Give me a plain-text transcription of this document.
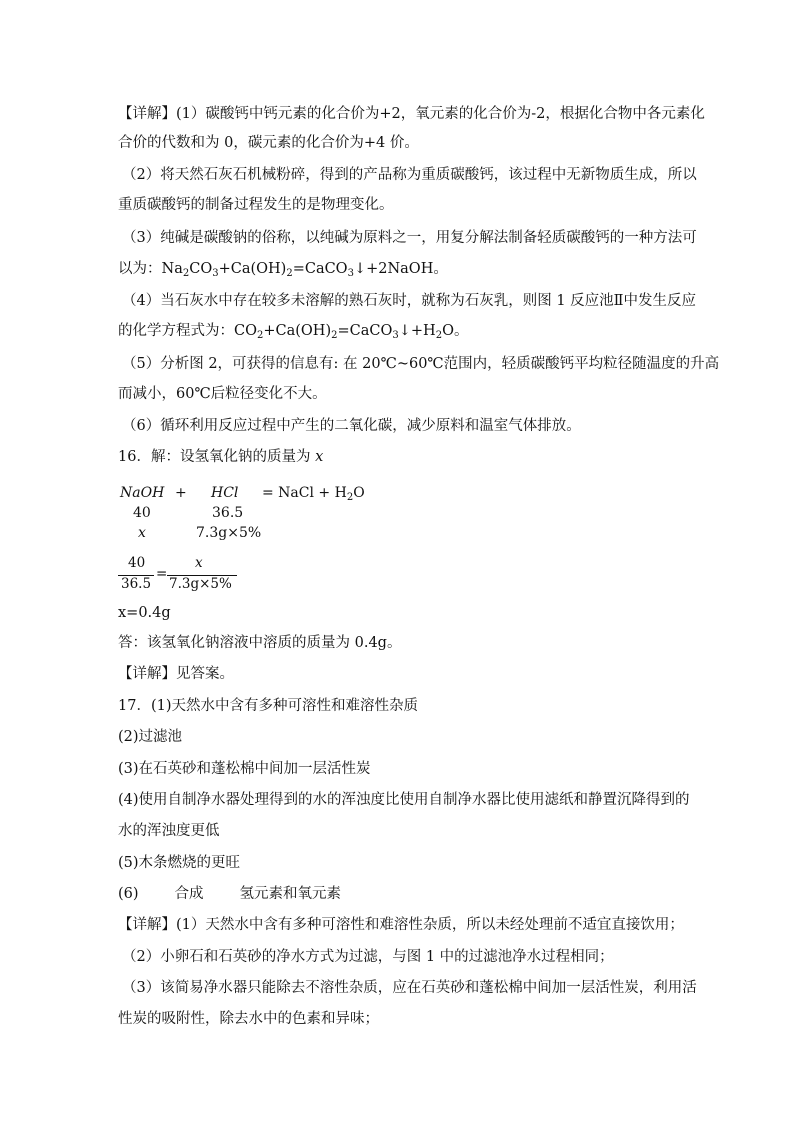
【详解】(1）碳酸钙中钙元素的化合价为+2，氧元素的化合价为-2，根据化合物中各元素化
合价的代数和为 0，碳元素的化合价为+4 价。
（2）将天然石灰石机械粉碎，得到的产品称为重质碳酸钙，该过程中无新物质生成，所以
重质碳酸钙的制备过程发生的是物理变化。
（3）纯碱是碳酸钠的俗称，以纯碱为原料之一，用复分解法制备轻质碳酸钙的一种方法可
以为：$Na_2CO_3+Ca(OH)_2=CaCO_3↓+2NaOH$。
（4）当石灰水中存在较多未溶解的熟石灰时，就称为石灰乳，则图 1 反应池Ⅱ中发生反应
的化学方程式为：$CO_2+Ca(OH)_2=CaCO_3↓+H_2O$。
（5）分析图 2，可获得的信息有: 在 20℃~60℃范围内，轻质碳酸钙平均粒径随温度的升高
而减小，60℃后粒径变化不大。
（6）循环利用反应过程中产生的二氧化碳，减少原料和温室气体排放。
16．解：设氢氧化钠的质量为 x
NaOH + HCl = NaCl + $H_2O$
40	36.5
x	7.3g×5%
40
36.5
=
x
7.3g×5%
x=0.4g
答：该氢氧化钠溶液中溶质的质量为 0.4g。
【详解】见答案。
17．(1)天然水中含有多种可溶性和难溶性杂质
(2)过滤池
(3)在石英砂和蓬松棉中间加一层活性炭
(4)使用自制净水器处理得到的水的浑浊度比使用自制净水器比使用滤纸和静置沉降得到的
水的浑浊度更低
(5)木条燃烧的更旺
(6) 合成 氢元素和氧元素
【详解】(1）天然水中含有多种可溶性和难溶性杂质，所以未经处理前不适宜直接饮用；
（2）小卵石和石英砂的净水方式为过滤，与图 1 中的过滤池净水过程相同；
（3）该简易净水器只能除去不溶性杂质，应在石英砂和蓬松棉中间加一层活性炭，利用活
性炭的吸附性，除去水中的色素和异味；
